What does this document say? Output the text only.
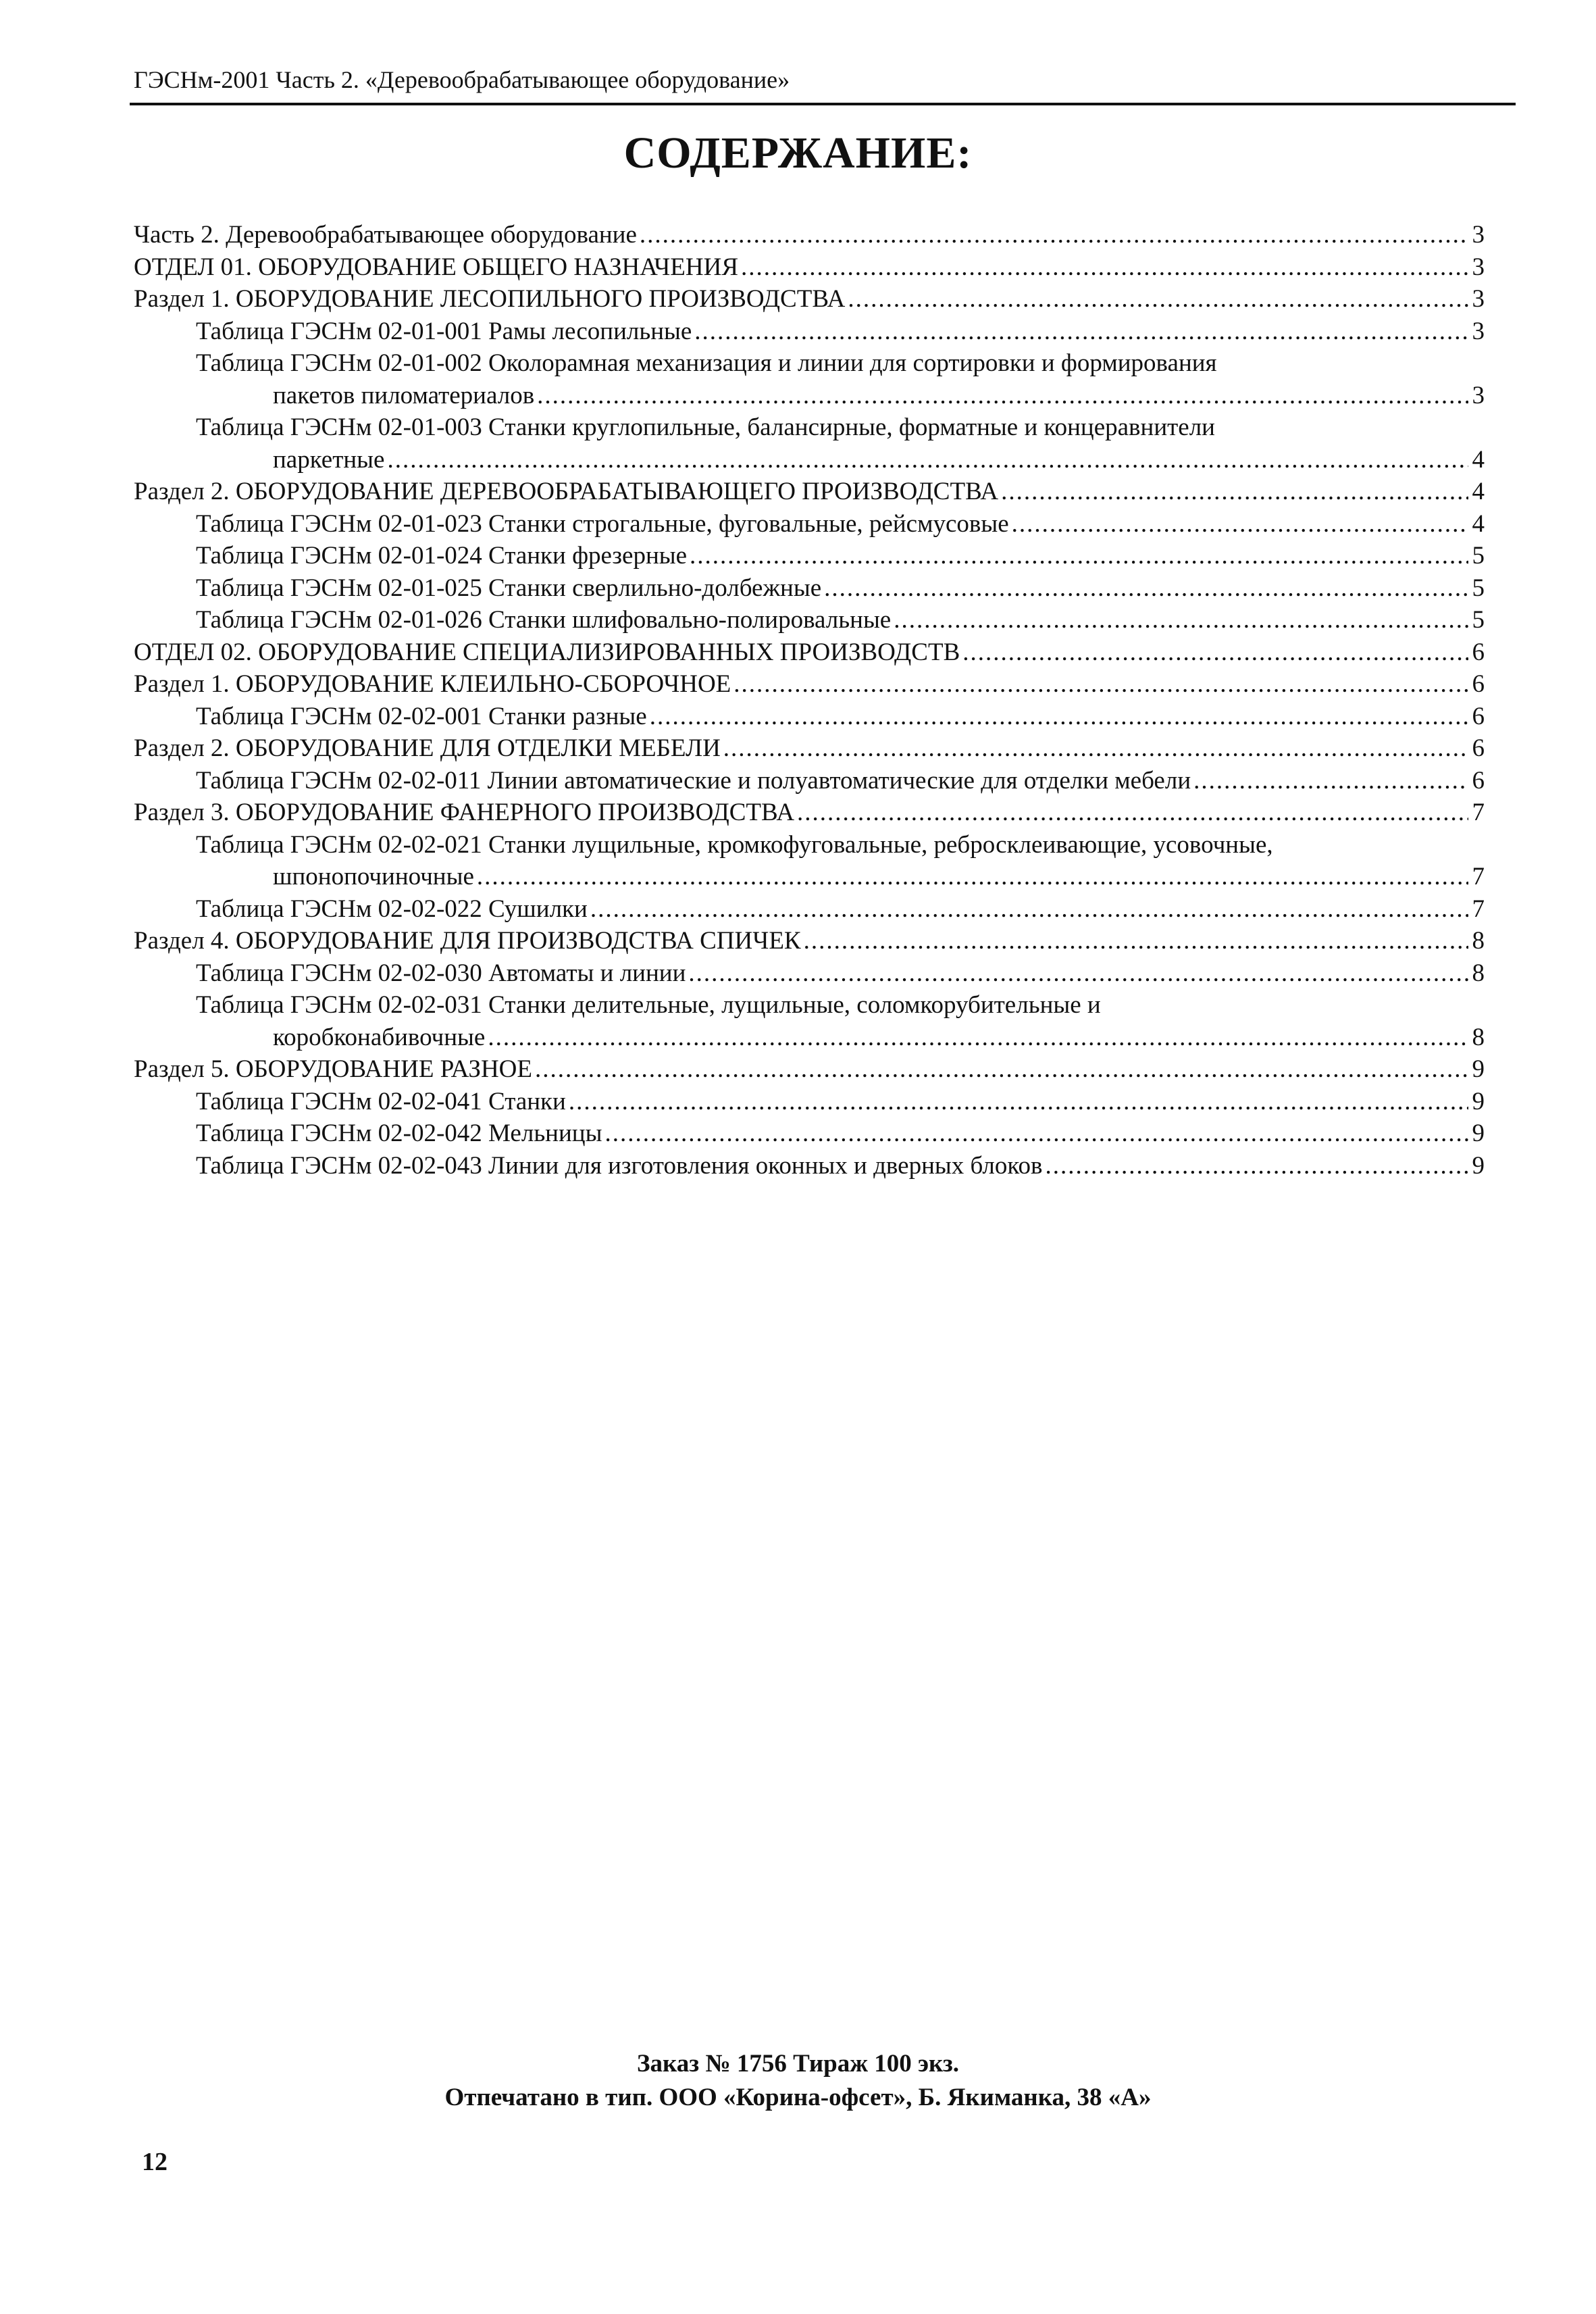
ГЭСНм-2001 Часть 2. «Деревообрабатывающее оборудование»
СОДЕРЖАНИЕ:
Часть 2. Деревообрабатывающее оборудование .....	3
ОТДЕЛ 01. ОБОРУДОВАНИЕ ОБЩЕГО НАЗНАЧЕНИЯ .....	3
Раздел 1. ОБОРУДОВАНИЕ ЛЕСОПИЛЬНОГО ПРОИЗВОДСТВА .....	3
Таблица ГЭСНм 02-01-001 Рамы лесопильные .....	3
Таблица ГЭСНм 02-01-002 Околорамная механизация и линии для сортировки и формирования
пакетов пиломатериалов .....	3
Таблица ГЭСНм 02-01-003 Станки круглопильные, балансирные, форматные и концеравнители
паркетные .....	4
Раздел 2. ОБОРУДОВАНИЕ ДЕРЕВООБРАБАТЫВАЮЩЕГО ПРОИЗВОДСТВА .....	4
Таблица ГЭСНм 02-01-023 Станки строгальные, фуговальные, рейсмусовые .....	4
Таблица ГЭСНм 02-01-024 Станки фрезерные .....	5
Таблица ГЭСНм 02-01-025 Станки сверлильно-долбежные .....	5
Таблица ГЭСНм 02-01-026 Станки шлифовально-полировальные .....	5
ОТДЕЛ 02. ОБОРУДОВАНИЕ СПЕЦИАЛИЗИРОВАННЫХ ПРОИЗВОДСТВ .....	6
Раздел 1. ОБОРУДОВАНИЕ КЛЕИЛЬНО-СБОРОЧНОЕ .....	6
Таблица ГЭСНм 02-02-001 Станки разные .....	6
Раздел 2. ОБОРУДОВАНИЕ ДЛЯ ОТДЕЛКИ МЕБЕЛИ .....	6
Таблица ГЭСНм 02-02-011 Линии автоматические и полуавтоматические для отделки мебели .....	6
Раздел 3. ОБОРУДОВАНИЕ ФАНЕРНОГО ПРОИЗВОДСТВА .....	7
Таблица ГЭСНм 02-02-021 Станки лущильные, кромкофуговальные, ребросклеивающие, усовочные,
шпонопочиночные .....	7
Таблица ГЭСНм 02-02-022 Сушилки .....	7
Раздел 4. ОБОРУДОВАНИЕ ДЛЯ ПРОИЗВОДСТВА СПИЧЕК .....	8
Таблица ГЭСНм 02-02-030 Автоматы и линии .....	8
Таблица ГЭСНм 02-02-031 Станки делительные, лущильные, соломкорубительные и
коробконабивочные .....	8
Раздел 5. ОБОРУДОВАНИЕ РАЗНОЕ .....	9
Таблица ГЭСНм 02-02-041 Станки .....	9
Таблица ГЭСНм 02-02-042 Мельницы .....	9
Таблица ГЭСНм 02-02-043 Линии для изготовления оконных и дверных блоков .....	9
Заказ № 1756 Тираж 100 экз.
Отпечатано в тип. ООО «Корина-офсет», Б. Якиманка, 38 «А»
12
